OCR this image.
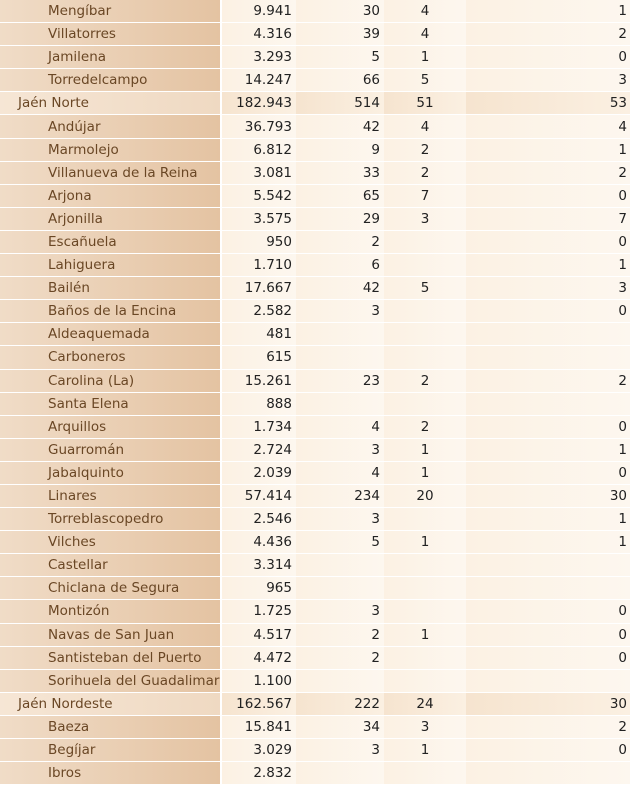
Mengíbar	9.941	30	4	1
Villatorres	4.316	39	4	2
Jamilena	3.293	5	1	0
Torredelcampo	14.247	66	5	3
Jaén Norte	182.943	514	51	53
Andújar	36.793	42	4	4
Marmolejo	6.812	9	2	1
Villanueva de la Reina	3.081	33	2	2
Arjona	5.542	65	7	0
Arjonilla	3.575	29	3	7
Escañuela	950	2		0
Lahiguera	1.710	6		1
Bailén	17.667	42	5	3
Baños de la Encina	2.582	3		0
Aldeaquemada	481			
Carboneros	615			
Carolina (La)	15.261	23	2	2
Santa Elena	888			
Arquillos	1.734	4	2	0
Guarromán	2.724	3	1	1
Jabalquinto	2.039	4	1	0
Linares	57.414	234	20	30
Torreblascopedro	2.546	3		1
Vilches	4.436	5	1	1
Castellar	3.314			
Chiclana de Segura	965			
Montizón	1.725	3		0
Navas de San Juan	4.517	2	1	0
Santisteban del Puerto	4.472	2		0
Sorihuela del Guadalimar	1.100			
Jaén Nordeste	162.567	222	24	30
Baeza	15.841	34	3	2
Begíjar	3.029	3	1	0
Ibros	2.832			
